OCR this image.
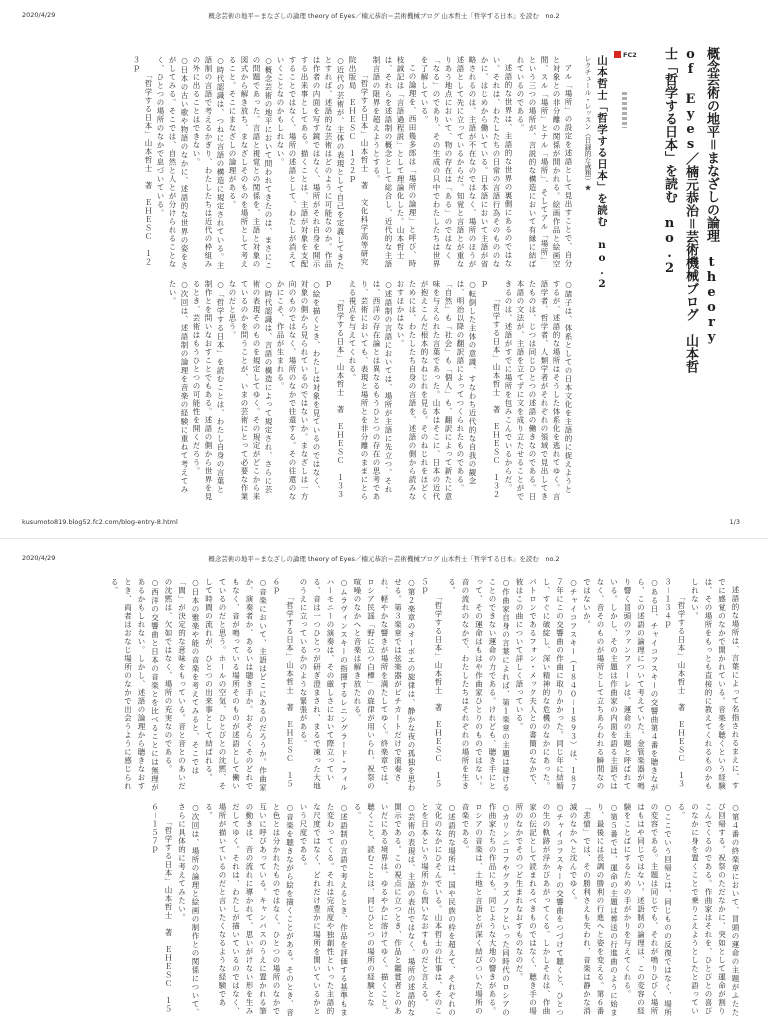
2020/4/29	概念芸術の地平＝まなざしの論理 theory of Eyes／楠元恭治＝芸術機械ブログ 山本哲士「哲学する日本」を読む　no.2
概念芸術の地平＝まなざしの論理　theory
of Eyes／楠元恭治＝芸術機械ブログ　山本哲
士「哲学する日本」を読む　no.2
FC2
山本哲士「哲学する日本」を読む　no.2
レクチュール・レッスン（日録的な感想）★

アル「場所」の設定を述語として見出すことで、自分と対象との非分離の関係が開かれる。絵画作品と絵画空間、スル「場所」とナル「場所」、そしてアル「場所」という三つの場所が、言説的な構造において有縁に結ばれているのである。

述語的な世界は、主語的な世界の裏側にあるのではない。それは、わたしたちの日常の言語行為そのもののなかに、はじめから働いている。日本語において主語が省略されるのは、主語が不在なのではなく、場所のほうが述語として先に立っているからだ。知覚と言語とが重なりあう地点において、物の存在は「ある」のではなく「なる」のであり、その生成の只中でわたしたちは世界を了解している。

この論理を、西田幾多郎は「場所の論理」と呼び、時枝誠記は「言語過程説」として理論化した。山本哲士は、それらを述語制の概念として総合し、近代的な主語制言語の限界を超えようとする。

「哲学する日本」山本哲士　著　文化科学高等研究院出版局　ＥＨＥＳＣ　１２２ｐ

○近代の芸術が、主体の表現として自己を定義してきたとすれば、述語的な芸術はどのように可能なのか。作品は作者の内面を写す鏡ではなく、場所がそれ自身を開示する出来事としてある。描くことは、主語が対象を支配することではなく、場所の述語として、わたしが消えていくことなのかもしれない。

○概念芸術の地平において問われてきたのは、まさにこの問題であった。言語と視覚との関係を、主語と対象の図式から解き放ち、まなざしそのものを場所として考えること。そこにまなざしの論理がある。

○時代認識は、つねに言語の構造に規定されている。主語制の言語で考えるかぎり、わたしたちは近代の枠組みの外に出ることはできない。

○日本の古い歌や物語のなかに、述語的な世界の姿をさがしてみる。そこでは、自然と人とが分けられることなく、ひとつの場所のなかで息づいている。

「哲学する日本」山本哲士　著　ＥＨＥＳＣ　１２３ｐ

○諸子は、体系としての日本文化を主語的に捉えようとするが、述語的な場所はそうした体系化を逃れてゆく。言語学者、哲学者、人類学者がそれぞれの領域で見出してきたものは、じつは同じひとつの述語の働きなのである。日本語の文法が、主語を立てずに文を成り立たせることができるのは、述語がすでに場所を包みこんでいるからだ。

「哲学する日本」山本哲士　著　ＥＨＥＳＣ　１３２ｐ

○転倒した主体の意識、すなわち近代的な自我の観念は、明治以降の翻訳語によってつくられたものである。「自然」も「社会」も「個人」も、翻訳によって新たに意味を与えられた言葉であった。山本はそこに、日本の近代が抱えこんだ根本的なねじれを見る。そのねじれをほどくためには、わたしたち自身の言語を、述語の側から読みなおすほかはない。

○述語制の言語においては、場所が主語に先立つ。それは、西洋の存在論とは異なるもうひとつの存在の思考であり、芸術においても、表現と場所とを非分離のままにとらえる視点を与えてくれる。

「哲学する日本」山本哲士　著　ＥＨＥＳＣ　１３３ｐ

○絵を描くとき、わたしは対象を見ているのではなく、対象の側から見られているのではないか。まなざしは一方向のものではなく、場所のなかで往還する。その往還のなかにこそ、作品が生まれる。

○時代認識は、言語の構造によって規定され、さらに芸術の表現そのものを規定してゆく。その規定がどこから来ているのかを問うことが、いまの芸術にとって必要な作業なのだと思う。

○「哲学する日本」を読むことは、わたし自身の言葉と制作とを問いなおすことでもある。述語の側から世界を見るとき、芸術はもうひとつの可能性を開くだろう。

○次回は、述語制の論理を音楽の経験に重ねて考えてみたい。

kusumoto819.blog52.fc2.com/blog-entry-8.html	1/3
2020/4/29	概念芸術の地平＝まなざしの論理 theory of Eyes／楠元恭治＝芸術機械ブログ 山本哲士「哲学する日本」を読む　no.2

述語的な場所は、言葉によって名指されるまえに、すでに感覚のなかで開かれている。音楽を聴くという経験は、その場所をもっとも直接的に教えてくれるものかもしれない。

「哲学する日本」山本哲士　著　ＥＨＥＳＣ　１３３－１３４ｐ

○ある日、チャイコフスキーの交響曲第４番を聴きながら、この述語の論理について考えていた。金管楽器が鳴り響く冒頭のファンファーレは、運命の主題と呼ばれている。しかし、その主題は作曲家の内面を語る主語ではなく、音そのものが場所として立ちあらわれる瞬間なのではないか。

○チャイコフスキー（１８４０－１８９３）は、１８７７年にこの交響曲の作曲に取りかかった。同じ年に結婚し、すぐに破綻し、深い精神的な危機のなかにあった。パトロンであるフォン・メック夫人との書簡のなかで、彼はこの曲について詳しく語っている。

○作曲家自身の言葉によれば、第１楽章の主題は避けることのできない運命の力である。けれども、聴き手にとって、その運命はもはや作曲家ひとりのものではない。音の流れのなかで、わたしたちはそれぞれの場所を生きる。

「哲学する日本」山本哲士　著　ＥＨＥＳＣ　１５５ｐ

○第２楽章のオーボエの旋律は、静かな夜の孤独を思わせる。第３楽章では弦楽器がピチカートだけで演奏され、軽やかな響きが場所を満たしてゆく。終楽章では、ロシア民謡「野に立つ白樺」の旋律が用いられ、祝祭の喧噪のなかへと音楽は解き放たれる。

○ムラヴィンスキーの指揮するレニングラード・フィルハーモニーの演奏は、その厳しさにおいて際立っている。音は一つひとつが研ぎ澄まされ、まるで凍った大地のうえに立っているかのような緊張がある。

「哲学する日本」山本哲士　著　ＥＨＥＳＣ　１５６ｐ

○音楽において、主語はどこにあるのだろうか。作曲家か、演奏者か、あるいは聴き手か。おそらくそのどれでもなく、音が鳴っている場所そのものが述語として働いているのだと思う。ホールの空気、ひとびとの沈黙、そして時間の流れが、ひとつの出来事として結ばれる。

○日本の雅楽や能の音楽を考えてみると、そこでは「間」が決定的な意味をもっている。音と音とのあいだの沈黙は、欠如ではなく、場所の充実なのである。

○西洋の交響曲と日本の音楽とを比べることには無理があるかもしれない。しかし、述語の論理から聴きなおすとき、両者はおなじ場所のなかで出会うように感じられる。

○第４番の終楽章において、冒頭の運命の主題がふたたび回帰する。祝祭のただなかに、突如として運命が割りこんでくるのである。作曲家はそれを、ひとびとの喜びのなかに身を置くことで乗りこえようとしたと語っている。

○ここでいう回帰とは、同じものの反復ではなく、場所の変容である。主題は同じでも、それが鳴りひびく場所はもはや同じではない。述語制の論理は、この変容の経験をことばにするための手がかりを与えてくれる。

○第５番では、運命の主題は葬送の行進曲のように始まり、最後には長調の勝利の行進へと姿を変える。第６番「悲愴」では、その勝利さえも失われ、音楽は静かな消滅のなかへと沈んでゆく。

○チャイコフスキーの交響曲をつづけて聴くと、ひとつの生の軌跡が浮かびあがってくる。しかしそれは、作曲家の伝記として読まれるべきものではなく、聴き手の場所のなかでそのつど生まれなおすものなのだ。

○カリンニコフやグラズノフといった同時代のロシアの作曲家たちの作品にも、同じような大地の響きがある。ロシアの音楽は、土地と言語とが深く結びついた場所の音楽である。

○述語的な場所は、国や民族の枠を超えて、それぞれの文化のなかにひそんでいる。山本哲士の仕事は、そのことを日本という場所から問いなおすものだと言える。

○芸術の表現は、主語の表出ではなく、場所の述語的な開示である。この視点に立つとき、作品と鑑賞者とのあいだにある境界は、ゆるやかに溶けてゆく。描くこと、聴くこと、読むことは、同じひとつの場所の経験となる。

○述語制の言語で考えるとき、作品を評価する基準もまた変わってくる。それは完成度や独創性といった主語的な尺度ではなく、どれだけ豊かに場所を開いているかという尺度である。

○音楽を聴きながら絵を描くことがある。そのとき、音と色とは分かれたものではなく、ひとつの場所のなかで互いに呼びあっている。キャンバスのうえに置かれる筆の動きは、音の流れに導かれて、思いがけない形を生みだしてゆく。それは、わたしが描いているのではなく、場所が描いているのだと言いたくなるような経験である。

○次回は、場所の論理と絵画の制作との関係について、さらに具体的に考えてみたい。

「哲学する日本」山本哲士　著　ＥＨＥＳＣ　１５６－１５７ｐ
